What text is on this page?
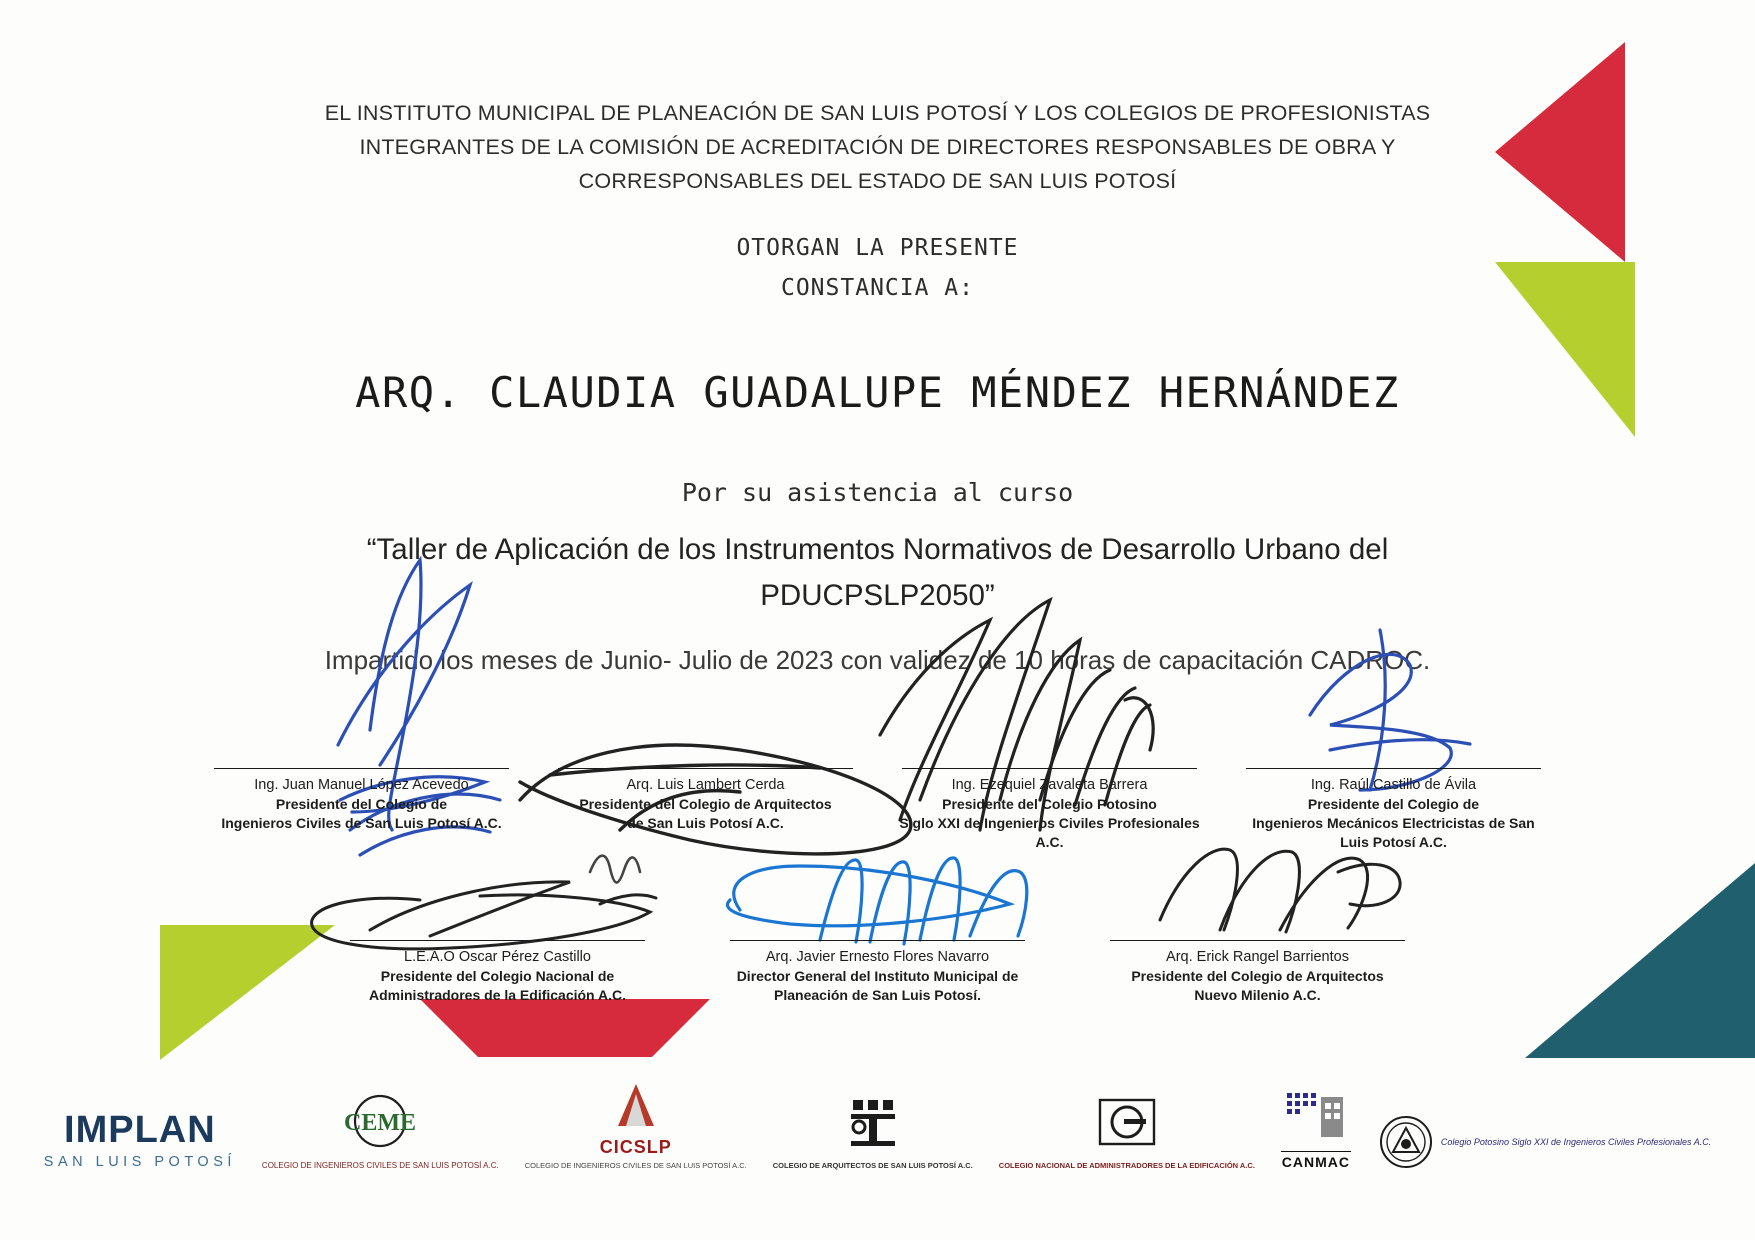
EL INSTITUTO MUNICIPAL DE PLANEACIÓN DE SAN LUIS POTOSÍ Y LOS COLEGIOS DE PROFESIONISTAS
INTEGRANTES DE LA COMISIÓN DE ACREDITACIÓN DE DIRECTORES RESPONSABLES DE OBRA Y
CORRESPONSABLES DEL ESTADO DE SAN LUIS POTOSÍ
OTORGAN LA PRESENTE
CONSTANCIA A:
ARQ. CLAUDIA GUADALUPE MÉNDEZ HERNÁNDEZ
Por su asistencia al curso
“Taller de Aplicación de los Instrumentos Normativos de Desarrollo Urbano del
PDUCPSLP2050”
Impartido los meses de Junio- Julio de 2023 con validez de 10 horas de capacitación CADROC.
Ing. Juan Manuel López Acevedo
Presidente del Colegio de
Ingenieros Civiles de San Luis Potosí A.C.
Arq. Luis Lambert Cerda
Presidente del Colegio de Arquitectos
de San Luis Potosí A.C.
Ing. Ezequiel Zavaleta Barrera
Presidente del Colegio Potosino
Siglo XXI de Ingenieros Civiles Profesionales
A.C.
Ing. Raúl Castillo de Ávila
Presidente del Colegio de
Ingenieros Mecánicos Electricistas de San
Luis Potosí A.C.
L.E.A.O Oscar Pérez Castillo
Presidente del Colegio Nacional de
Administradores de la Edificación A.C.
Arq. Javier Ernesto Flores Navarro
Director General del Instituto Municipal de
Planeación de San Luis Potosí.
Arq. Erick Rangel Barrientos
Presidente del Colegio de Arquitectos
Nuevo Milenio A.C.
IMPLAN
SAN LUIS POTOSÍ
CEME
COLEGIO DE INGENIEROS CIVILES DE SAN LUIS POTOSÍ A.C.
CICSLP
COLEGIO DE INGENIEROS CIVILES DE SAN LUIS POTOSÍ A.C.	COLEGIO DE ARQUITECTOS DE SAN LUIS POTOSÍ A.C.	COLEGIO NACIONAL DE ADMINISTRADORES DE LA EDIFICACIÓN A.C. CANMAC
Colegio Potosino Siglo XXI de Ingenieros Civiles Profesionales A.C.
